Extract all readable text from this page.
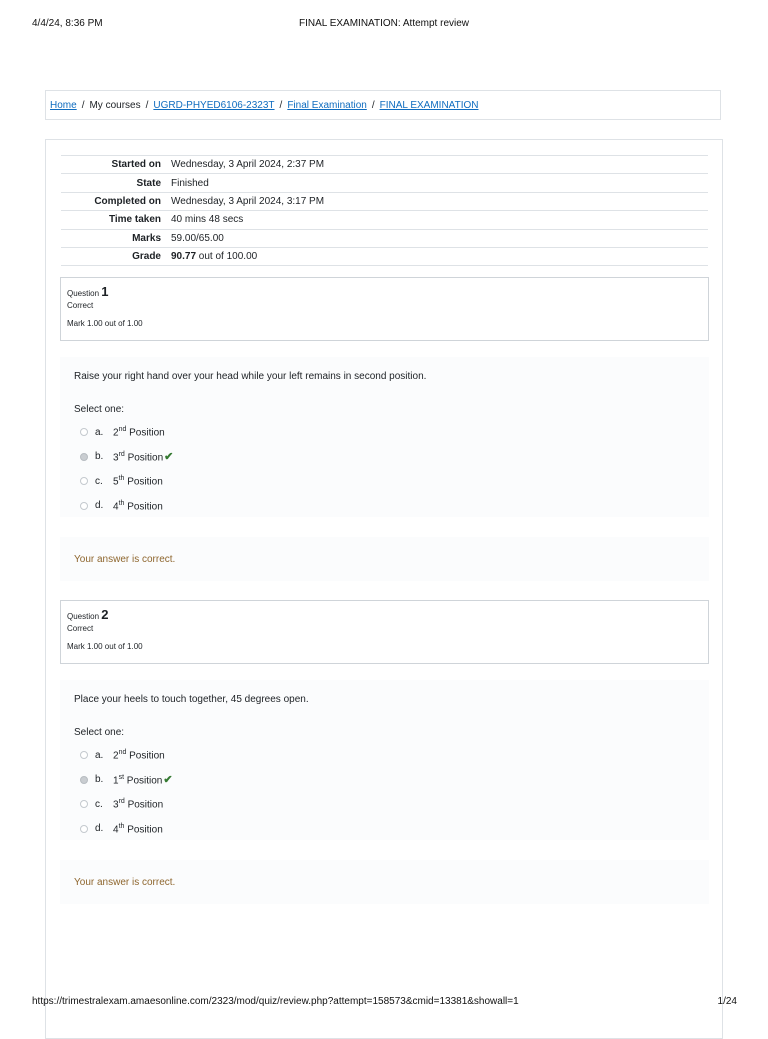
4/4/24, 8:36 PM	FINAL EXAMINATION: Attempt review
Home / My courses / UGRD-PHYED6106-2323T / Final Examination / FINAL EXAMINATION
Started on	Wednesday, 3 April 2024, 2:37 PM
State	Finished
Completed on	Wednesday, 3 April 2024, 3:17 PM
Time taken	40 mins 48 secs
Marks	59.00/65.00
Grade	90.77 out of 100.00
Question 1
Correct
Mark 1.00 out of 1.00
Raise your right hand over your head while your left remains in second position.
Select one:
a. 2nd Position
b. 3rd Position ✔
c.	5th Position
d. 4th Position
Your answer is correct.
Question 2
Correct
Mark 1.00 out of 1.00
Place your heels to touch together, 45 degrees open.
Select one:
a. 2nd Position
b. 1st Position ✔
c.	3rd Position
d. 4th Position
Your answer is correct.
https://trimestralexam.amaesonline.com/2323/mod/quiz/review.php?attempt=158573&cmid=13381&showall=1	1/24
